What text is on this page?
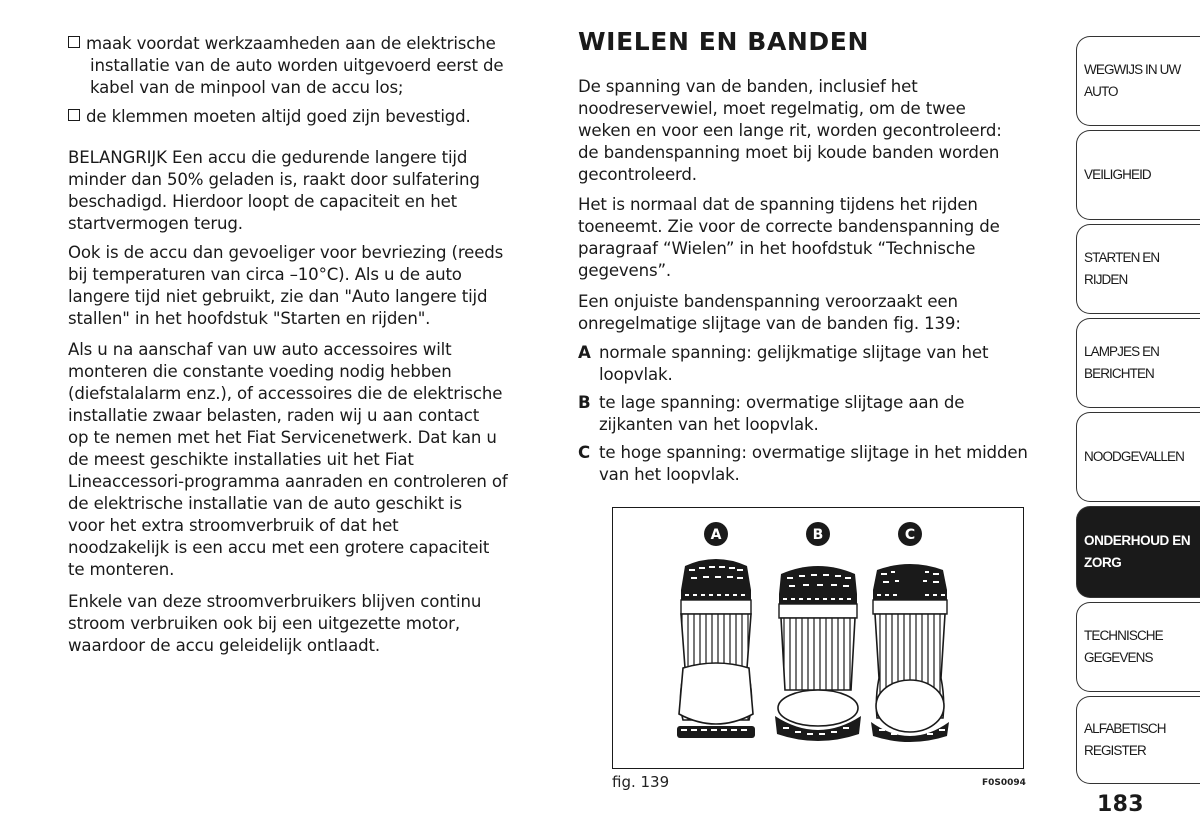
maak voordat werkzaamheden aan de elektrische
installatie van de auto worden uitgevoerd eerst de
kabel van de minpool van de accu los;
de klemmen moeten altijd goed zijn bevestigd.
BELANGRIJK Een accu die gedurende langere tijd
minder dan 50% geladen is, raakt door sulfatering
beschadigd. Hierdoor loopt de capaciteit en het
startvermogen terug.
Ook is de accu dan gevoeliger voor bevriezing (reeds
bij temperaturen van circa –10°C). Als u de auto
langere tijd niet gebruikt, zie dan "Auto langere tijd
stallen" in het hoofdstuk "Starten en rijden".
Als u na aanschaf van uw auto accessoires wilt
monteren die constante voeding nodig hebben
(diefstalalarm enz.), of accessoires die de elektrische
installatie zwaar belasten, raden wij u aan contact
op te nemen met het Fiat Servicenetwerk. Dat kan u
de meest geschikte installaties uit het Fiat
Lineaccessori-programma aanraden en controleren of
de elektrische installatie van de auto geschikt is
voor het extra stroomverbruik of dat het
noodzakelijk is een accu met een grotere capaciteit
te monteren.
Enkele van deze stroomverbruikers blijven continu
stroom verbruiken ook bij een uitgezette motor,
waardoor de accu geleidelijk ontlaadt.
WIELEN EN BANDEN
De spanning van de banden, inclusief het
noodreservewiel, moet regelmatig, om de twee
weken en voor een lange rit, worden gecontroleerd:
de bandenspanning moet bij koude banden worden
gecontroleerd.
Het is normaal dat de spanning tijdens het rijden
toeneemt. Zie voor de correcte bandenspanning de
paragraaf “Wielen” in het hoofdstuk “Technische
gegevens”.
Een onjuiste bandenspanning veroorzaakt een
onregelmatige slijtage van de banden fig. 139:
A normale spanning: gelijkmatige slijtage van het
loopvlak.
B te lage spanning: overmatige slijtage aan de
zijkanten van het loopvlak.
C te hoge spanning: overmatige slijtage in het midden
van het loopvlak.
A	B	C
fig. 139	F0S0094
WEGWIJS IN UW
AUTO
VEILIGHEID
STARTEN EN RIJDEN
LAMPJES EN
BERICHTEN
NOODGEVALLEN
ONDERHOUD EN
ZORG
TECHNISCHE
GEGEVENS
ALFABETISCH
REGISTER
183
